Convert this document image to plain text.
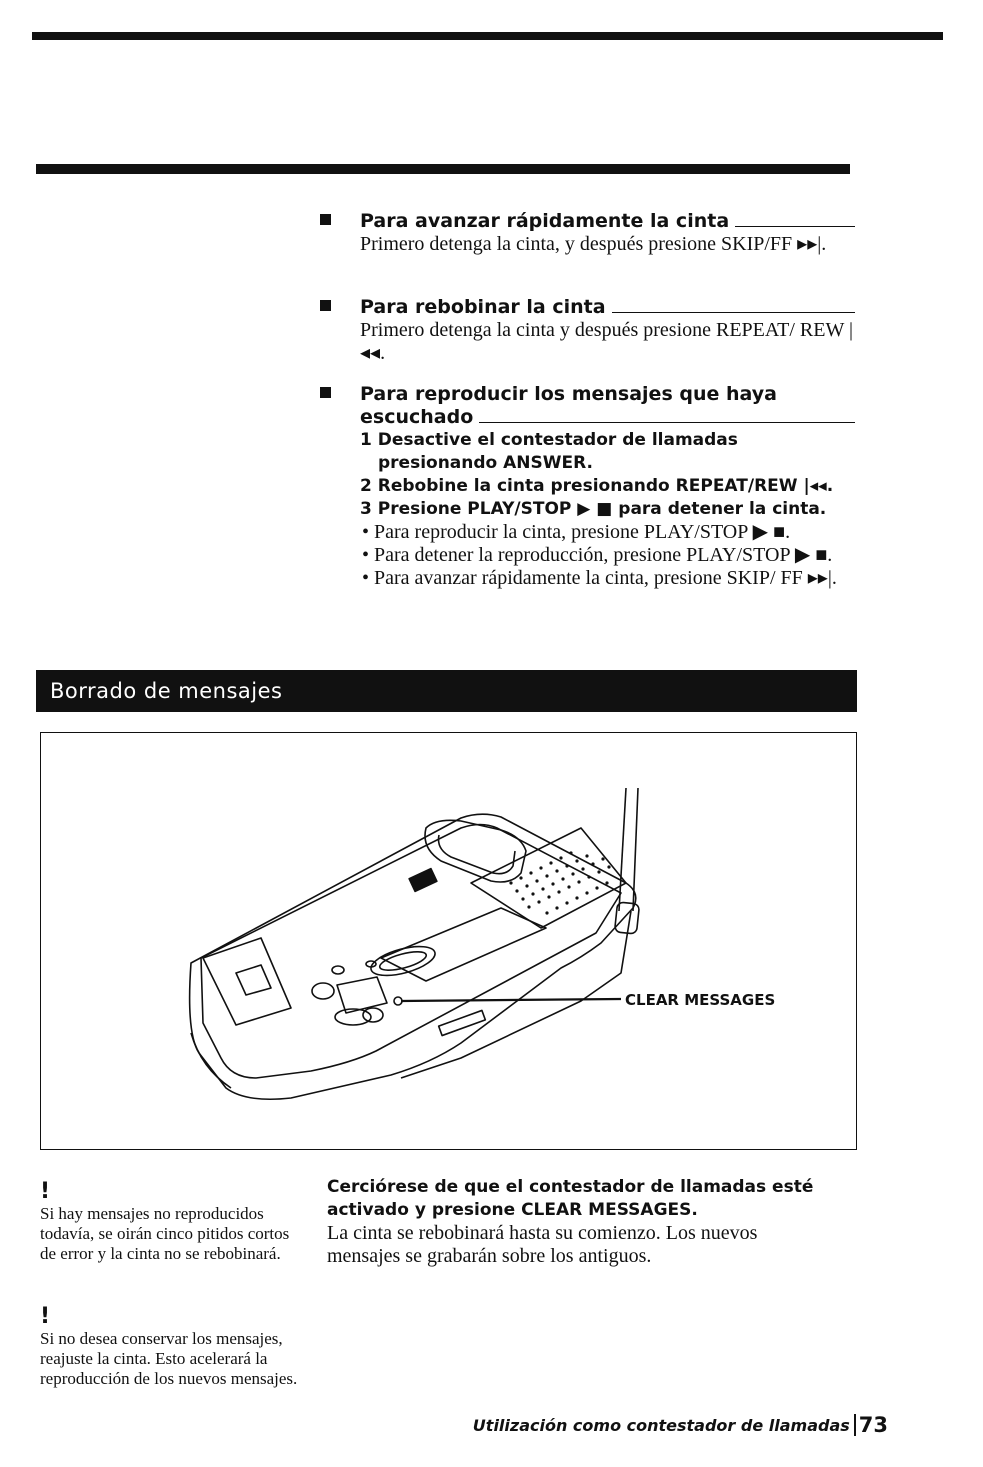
Para avanzar rápidamente la cinta
Primero detenga la cinta, y después presione SKIP/FF ▸▸|.
Para rebobinar la cinta
Primero detenga la cinta y después presione REPEAT/ REW |◂◂.
Para reproducir los mensajes que haya
escuchado
1 Desactive el contestador de llamadas presionando ANSWER.
2 Rebobine la cinta presionando REPEAT/REW |◂◂.
3 Presione PLAY/STOP ▶ ■ para detener la cinta.
• Para reproducir la cinta, presione PLAY/STOP ▶ ■.
• Para detener la reproducción, presione PLAY/STOP ▶ ■.
• Para avanzar rápidamente la cinta, presione SKIP/ FF ▸▸|.
Borrado de mensajes
CLEAR MESSAGES
!
Si hay mensajes no reproducidos todavía, se oirán cinco pitidos cortos de error y la cinta no se rebobinará.
!
Si no desea conservar los mensajes, reajuste la cinta. Esto acelerará la reproducción de los nuevos mensajes.
Cerciórese de que el contestador de llamadas esté activado y presione CLEAR MESSAGES.
La cinta se rebobinará hasta su comienzo. Los nuevos mensajes se grabarán sobre los antiguos.
Utilización como contestador de llamadas 73
